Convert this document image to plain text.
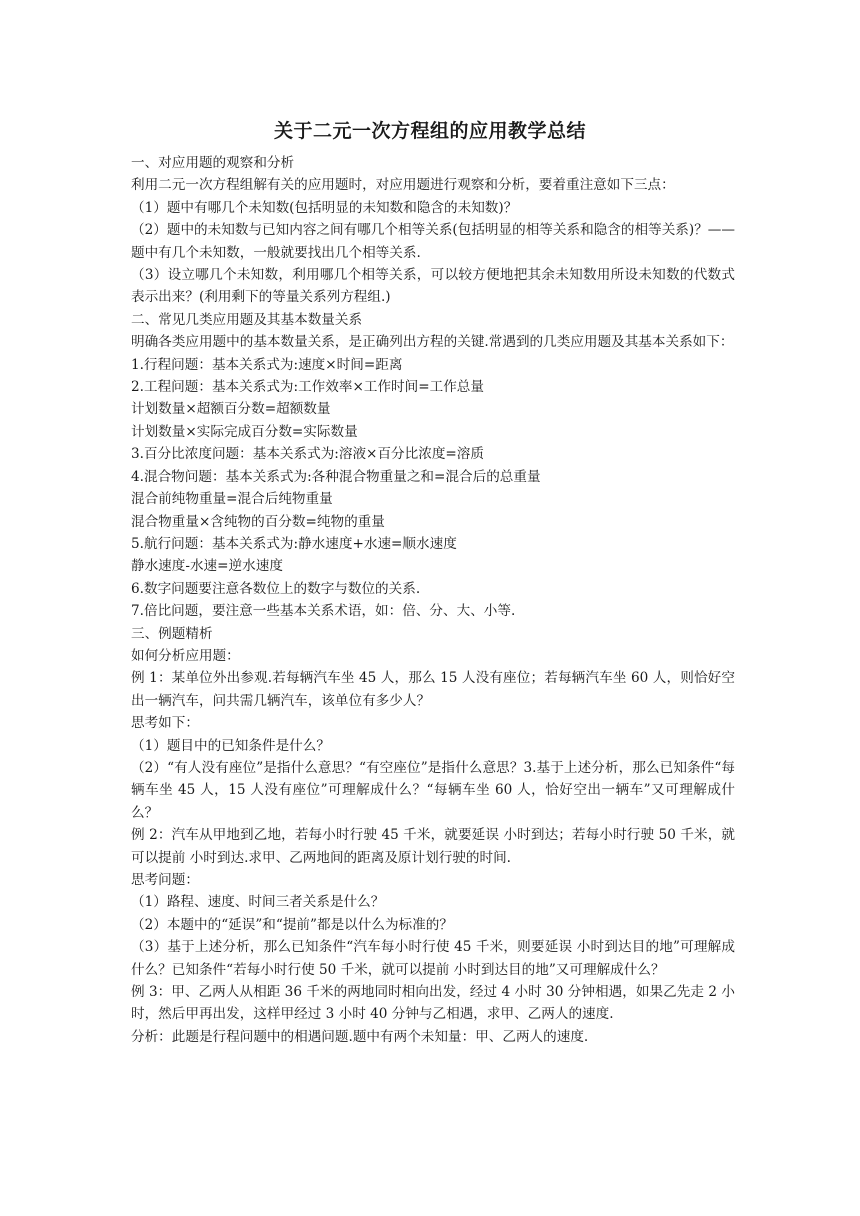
关于二元一次方程组的应用教学总结

一、对应用题的观察和分析

利用二元一次方程组解有关的应用题时，对应用题进行观察和分析，要着重注意如下三点：

（1）题中有哪几个未知数(包括明显的未知数和隐含的未知数)？

（2）题中的未知数与已知内容之间有哪几个相等关系(包括明显的相等关系和隐含的相等关系)？——题中有几个未知数，一般就要找出几个相等关系.

（3）设立哪几个未知数，利用哪几个相等关系，可以较方便地把其余未知数用所设未知数的代数式表示出来？(利用剩下的等量关系列方程组.)

二、常见几类应用题及其基本数量关系

明确各类应用题中的基本数量关系，是正确列出方程的关键.常遇到的几类应用题及其基本关系如下：

1.行程问题：基本关系式为:速度×时间=距离

2.工程问题：基本关系式为:工作效率×工作时间=工作总量

计划数量×超额百分数=超额数量

计划数量×实际完成百分数=实际数量

3.百分比浓度问题：基本关系式为:溶液×百分比浓度=溶质

4.混合物问题：基本关系式为:各种混合物重量之和=混合后的总重量

混合前纯物重量=混合后纯物重量

混合物重量×含纯物的百分数=纯物的重量

5.航行问题：基本关系式为:静水速度+水速=顺水速度

静水速度-水速=逆水速度

6.数字问题要注意各数位上的数字与数位的关系.

7.倍比问题，要注意一些基本关系术语，如：倍、分、大、小等.

三、例题精析

如何分析应用题：

例 1：某单位外出参观.若每辆汽车坐 45 人，那么 15 人没有座位；若每辆汽车坐 60 人，则恰好空出一辆汽车，问共需几辆汽车，该单位有多少人？

思考如下：

（1）题目中的已知条件是什么？

（2）“有人没有座位”是指什么意思？“有空座位”是指什么意思？3.基于上述分析，那么已知条件“每辆车坐 45 人，15 人没有座位”可理解成什么？“每辆车坐 60 人，恰好空出一辆车”又可理解成什么？

例 2：汽车从甲地到乙地，若每小时行驶 45 千米，就要延误 小时到达；若每小时行驶 50 千米，就可以提前 小时到达.求甲、乙两地间的距离及原计划行驶的时间.

思考问题：

（1）路程、速度、时间三者关系是什么？

（2）本题中的“延误”和“提前”都是以什么为标准的？

（3）基于上述分析，那么已知条件“汽车每小时行使 45 千米，则要延误 小时到达目的地”可理解成什么？已知条件“若每小时行使 50 千米，就可以提前 小时到达目的地”又可理解成什么？

例 3：甲、乙两人从相距 36 千米的两地同时相向出发，经过 4 小时 30 分钟相遇，如果乙先走 2 小时，然后甲再出发，这样甲经过 3 小时 40 分钟与乙相遇，求甲、乙两人的速度.

分析：此题是行程问题中的相遇问题.题中有两个未知量：甲、乙两人的速度.
